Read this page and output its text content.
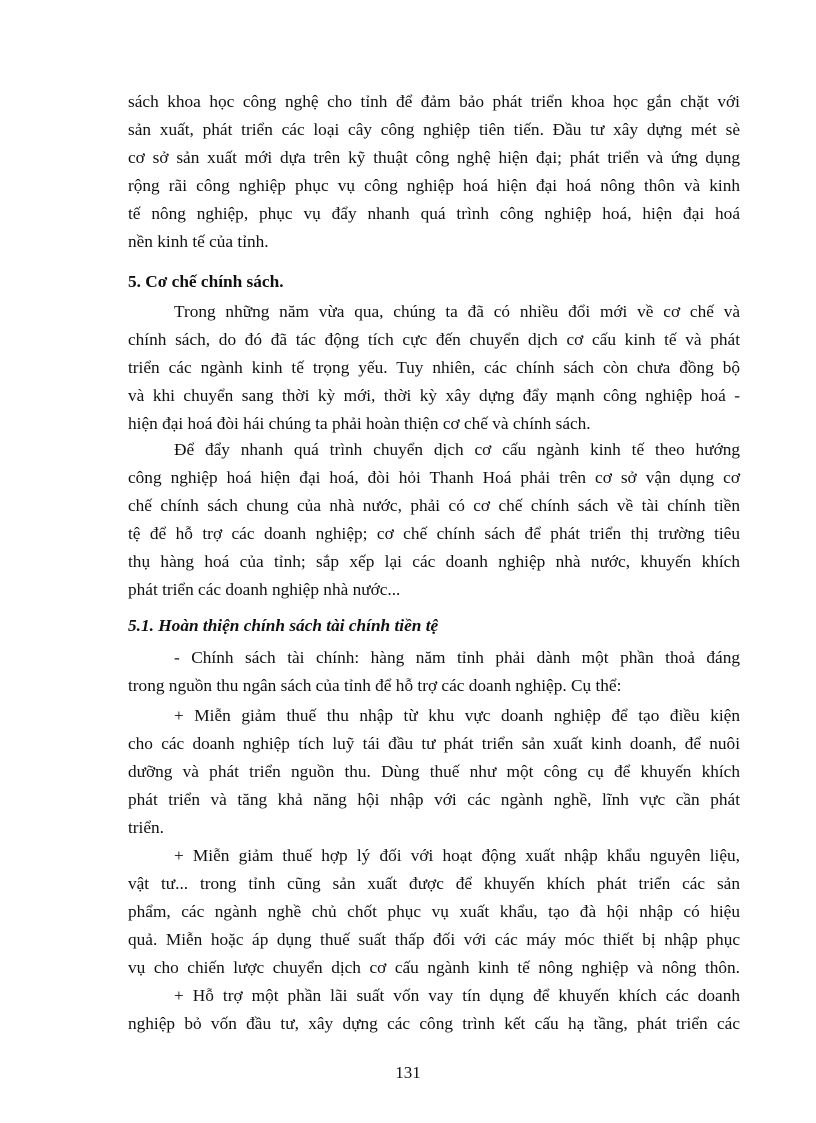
sách khoa học công nghệ cho tỉnh để đảm bảo phát triển khoa học gắn chặt với
sản xuất, phát triển các loại cây công nghiệp tiên tiến. Đầu tư xây dựng mét sè
cơ sở sản xuất mới dựa trên kỹ thuật công nghệ hiện đại; phát triển và ứng dụng
rộng rãi công nghiệp phục vụ công nghiệp hoá hiện đại hoá nông thôn và kinh
tế nông nghiệp, phục vụ đẩy nhanh quá trình công nghiệp hoá, hiện đại hoá
nền kinh tế của tỉnh.
5. Cơ chế chính sách.
Trong những năm vừa qua, chúng ta đã có nhiều đổi mới về cơ chế và
chính sách, do đó đã tác động tích cực đến chuyển dịch cơ cấu kinh tế và phát
triển các ngành kinh tế trọng yếu. Tuy nhiên, các chính sách còn chưa đồng bộ
và khi chuyển sang thời kỳ mới, thời kỳ xây dựng đẩy mạnh công nghiệp hoá -
hiện đại hoá đòi hái chúng ta phải hoàn thiện cơ chế và chính sách.
Để đẩy nhanh quá trình chuyển dịch cơ cấu ngành kinh tế theo hướng
công nghiệp hoá hiện đại hoá, đòi hỏi Thanh Hoá phải trên cơ sở vận dụng cơ
chế chính sách chung của nhà nước, phải có cơ chế chính sách về tài chính tiền
tệ để hỗ trợ các doanh nghiệp; cơ chế chính sách để phát triển thị trường tiêu
thụ hàng hoá của tỉnh; sắp xếp lại các doanh nghiệp nhà nước, khuyến khích
phát triển các doanh nghiệp nhà nước...
5.1. Hoàn thiện chính sách tài chính tiền tệ
- Chính sách tài chính: hàng năm tỉnh phải dành một phần thoả đáng
trong nguồn thu ngân sách của tỉnh để hỗ trợ các doanh nghiệp. Cụ thể:
+ Miễn giảm thuế thu nhập từ khu vực doanh nghiệp để tạo điều kiện
cho các doanh nghiệp tích luỹ tái đầu tư phát triển sản xuất kinh doanh, để nuôi
dưỡng và phát triển nguồn thu. Dùng thuế như một công cụ để khuyến khích
phát triển và tăng khả năng hội nhập với các ngành nghề, lĩnh vực cần phát
triển.
+ Miễn giảm thuế hợp lý đối với hoạt động xuất nhập khẩu nguyên liệu,
vật tư... trong tỉnh cũng sản xuất được để khuyến khích phát triển các sản
phẩm, các ngành nghề chủ chốt phục vụ xuất khẩu, tạo đà hội nhập có hiệu
quả. Miễn hoặc áp dụng thuế suất thấp đối với các máy móc thiết bị nhập phục
vụ cho chiến lược chuyển dịch cơ cấu ngành kinh tế nông nghiệp và nông thôn.
+ Hỗ trợ một phần lãi suất vốn vay tín dụng để khuyến khích các doanh
nghiệp bỏ vốn đầu tư, xây dựng các công trình kết cấu hạ tầng, phát triển các
131
